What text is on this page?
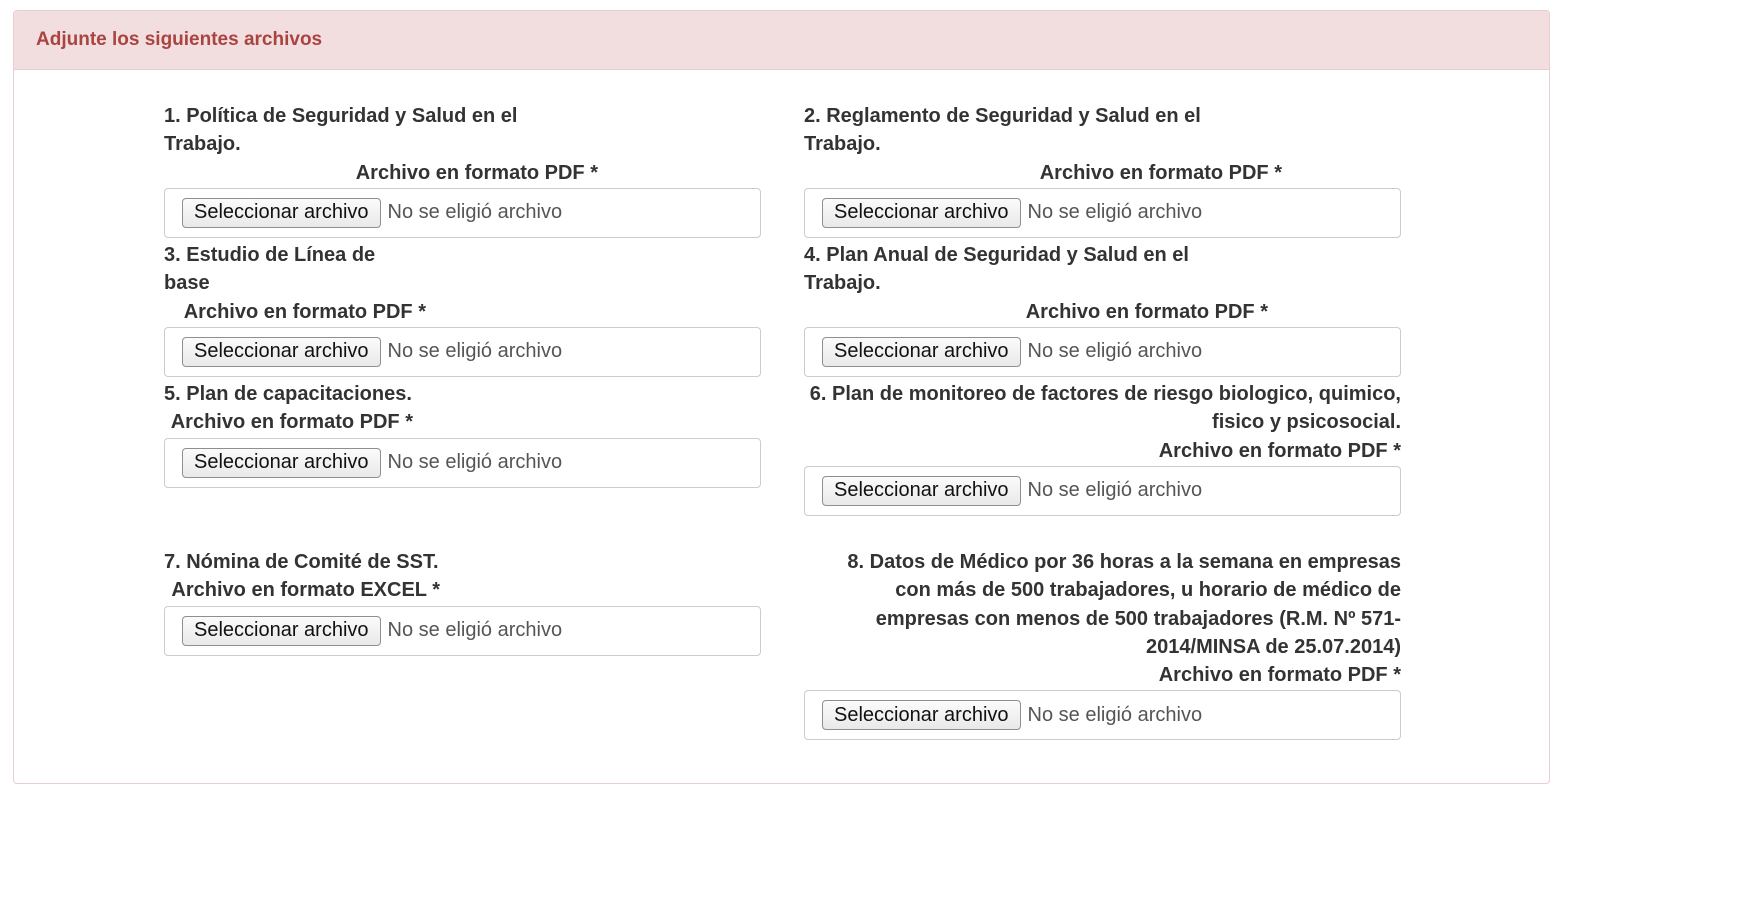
Adjunte los siguientes archivos
1. Política de Seguridad y Salud en el Trabajo.
Archivo en formato PDF *
Seleccionar archivo No se eligió archivo
2. Reglamento de Seguridad y Salud en el Trabajo.
Archivo en formato PDF *
Seleccionar archivo No se eligió archivo
3. Estudio de Línea de base
Archivo en formato PDF *
Seleccionar archivo No se eligió archivo
4. Plan Anual de Seguridad y Salud en el Trabajo.
Archivo en formato PDF *
Seleccionar archivo No se eligió archivo
5. Plan de capacitaciones.
Archivo en formato PDF *
Seleccionar archivo No se eligió archivo
6. Plan de monitoreo de factores de riesgo biologico, quimico,
fisico y psicosocial.
Archivo en formato PDF *
Seleccionar archivo No se eligió archivo
7. Nómina de Comité de SST.
Archivo en formato EXCEL *
Seleccionar archivo No se eligió archivo
8. Datos de Médico por 36 horas a la semana en empresas
con más de 500 trabajadores, u horario de médico de
empresas con menos de 500 trabajadores (R.M. Nº 571-
2014/MINSA de 25.07.2014)
Archivo en formato PDF *
Seleccionar archivo No se eligió archivo
